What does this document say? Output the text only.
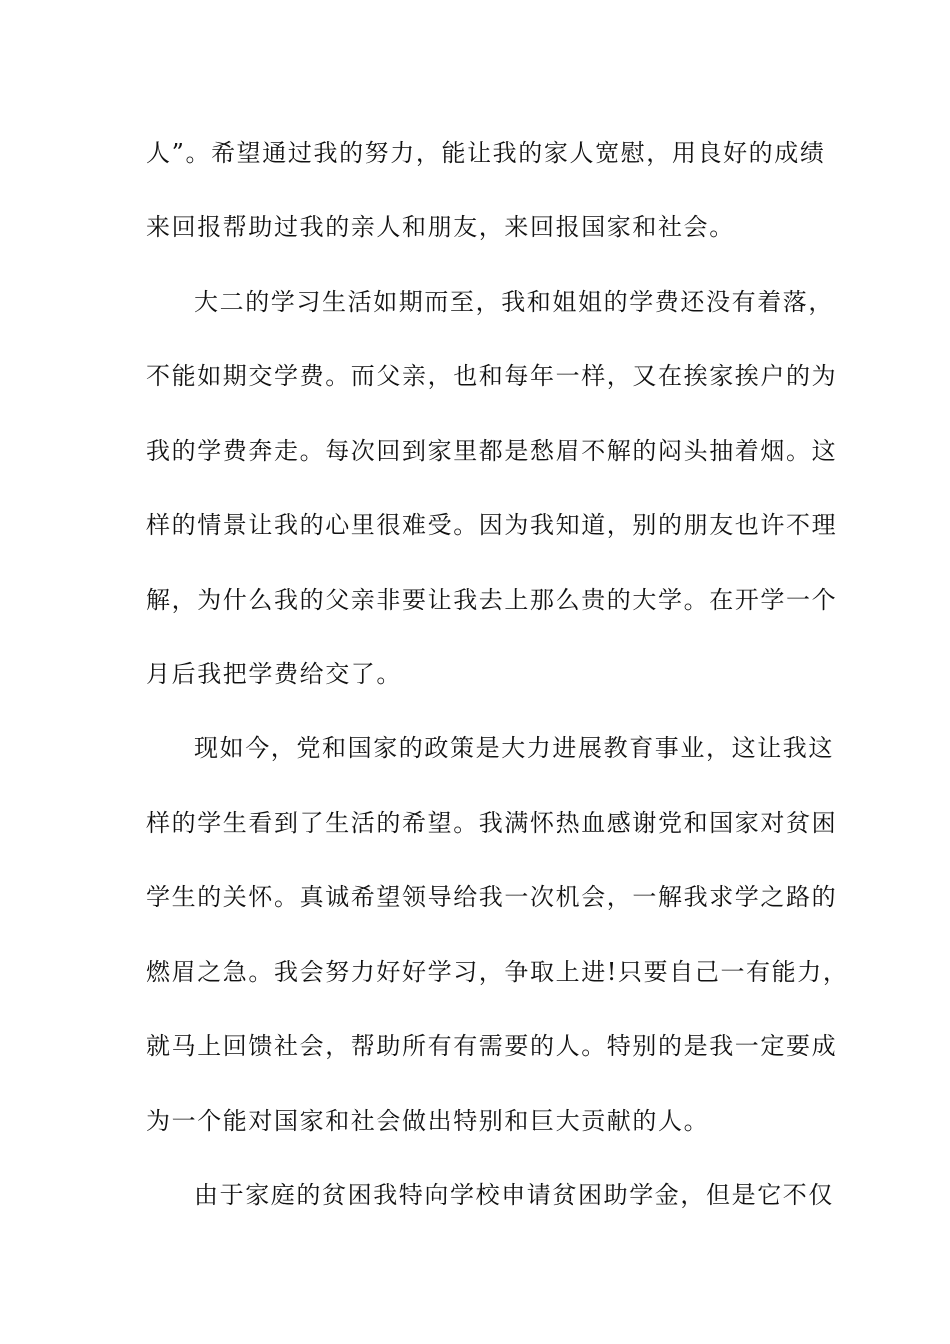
人”。希望通过我的努力，能让我的家人宽慰，用良好的成绩
来回报帮助过我的亲人和朋友，来回报国家和社会。
大二的学习生活如期而至，我和姐姐的学费还没有着落，
不能如期交学费。而父亲，也和每年一样，又在挨家挨户的为
我的学费奔走。每次回到家里都是愁眉不解的闷头抽着烟。这
样的情景让我的心里很难受。因为我知道，别的朋友也许不理
解，为什么我的父亲非要让我去上那么贵的大学。在开学一个
月后我把学费给交了。
现如今，党和国家的政策是大力进展教育事业，这让我这
样的学生看到了生活的希望。我满怀热血感谢党和国家对贫困
学生的关怀。真诚希望领导给我一次机会，一解我求学之路的
燃眉之急。我会努力好好学习，争取上进!只要自己一有能力，
就马上回馈社会，帮助所有有需要的人。特别的是我一定要成
为一个能对国家和社会做出特别和巨大贡献的人。
由于家庭的贫困我特向学校申请贫困助学金，但是它不仅
